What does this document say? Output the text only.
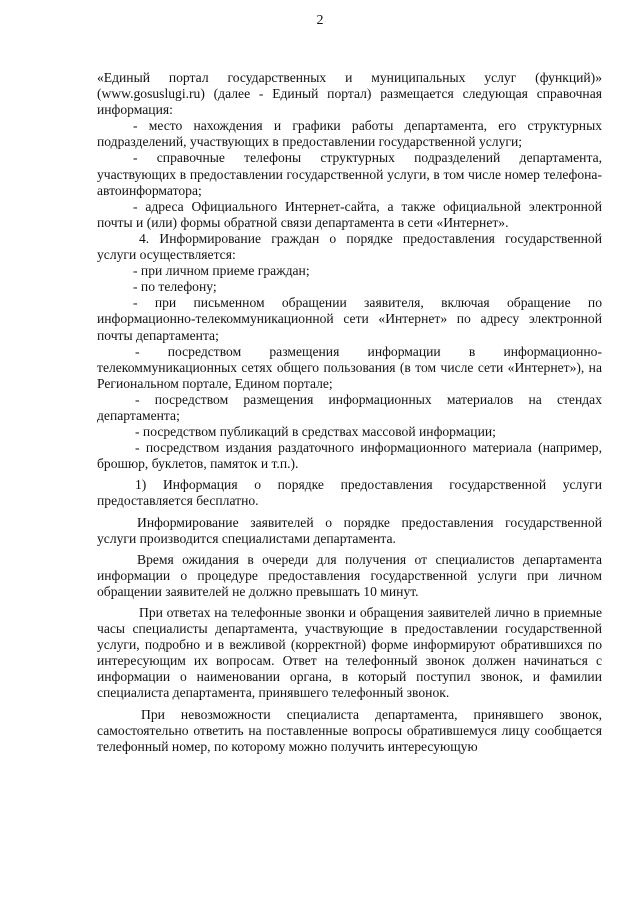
2

«Единый портал государственных и муниципальных услуг (функций)» (www.gosuslugi.ru) (далее - Единый портал) размещается следующая справочная информация:

- место нахождения и графики работы департамента, его структурных подразделений, участвующих в предоставлении государственной услуги;

- справочные телефоны структурных подразделений департамента, участвующих в предоставлении государственной услуги, в том числе номер телефона-автоинформатора;

- адреса Официального Интернет-сайта, а также официальной электронной почты и (или) формы обратной связи департамента в сети «Интернет».

4. Информирование граждан о порядке предоставления государственной услуги осуществляется:

- при личном приеме граждан;

- по телефону;

- при письменном обращении заявителя, включая обращение по информационно-телекоммуникационной сети «Интернет» по адресу электронной почты департамента;

- посредством размещения информации в информационно-телекоммуникационных сетях общего пользования (в том числе сети «Интернет»), на Региональном портале, Едином портале;

- посредством размещения информационных материалов на стендах департамента;

- посредством публикаций в средствах массовой информации;

- посредством издания раздаточного информационного материала (например, брошюр, буклетов, памяток и т.п.).

1) Информация о порядке предоставления государственной услуги предоставляется бесплатно.

Информирование заявителей о порядке предоставления государственной услуги производится специалистами департамента.

Время ожидания в очереди для получения от специалистов департамента информации о процедуре предоставления государственной услуги при личном обращении заявителей не должно превышать 10 минут.

При ответах на телефонные звонки и обращения заявителей лично в приемные часы специалисты департамента, участвующие в предоставлении государственной услуги, подробно и в вежливой (корректной) форме информируют обратившихся по интересующим их вопросам. Ответ на телефонный звонок должен начинаться с информации о наименовании органа, в который поступил звонок, и фамилии специалиста департамента, принявшего телефонный звонок.

При невозможности специалиста департамента, принявшего звонок, самостоятельно ответить на поставленные вопросы обратившемуся лицу сообщается телефонный номер, по которому можно получить интересующую
